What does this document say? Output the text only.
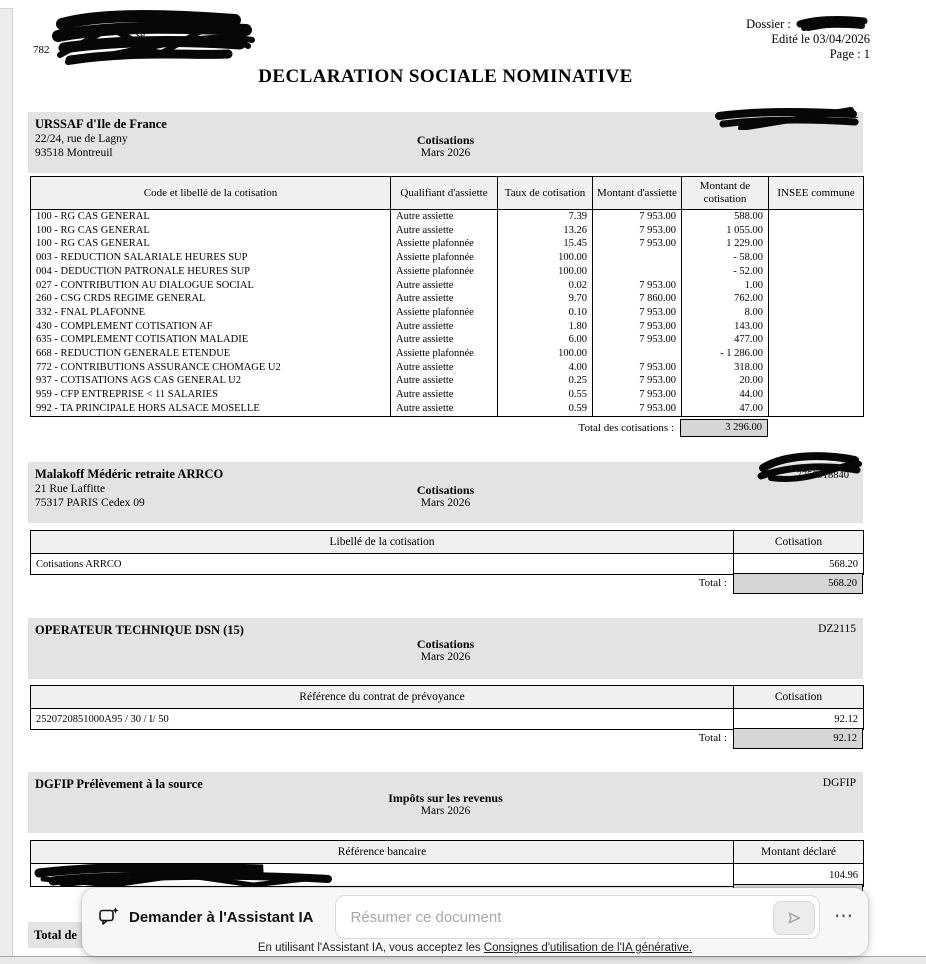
se
782
Dossier :
Edité le 03/04/2026
Page : 1
DECLARATION SOCIALE NOMINATIVE
URSSAF d'Ile de France
22/24, rue de Lagny
93518 Montreuil
Cotisations
Mars 2026
015
Code et libellé de la cotisation	Qualifiant d'assiette	Taux de cotisation	Montant d'assiette	Montant de cotisation	INSEE commune
100 - RG CAS GENERAL	Autre assiette	7.39	7 953.00	588.00	
100 - RG CAS GENERAL	Autre assiette	13.26	7 953.00	1 055.00	
100 - RG CAS GENERAL	Assiette plafonnée	15.45	7 953.00	1 229.00	
003 - REDUCTION SALARIALE HEURES SUP	Assiette plafonnée	100.00		- 58.00	
004 - DEDUCTION PATRONALE HEURES SUP	Assiette plafonnée	100.00		- 52.00	
027 - CONTRIBUTION AU DIALOGUE SOCIAL	Autre assiette	0.02	7 953.00	1.00	
260 - CSG CRDS REGIME GENERAL	Autre assiette	9.70	7 860.00	762.00	
332 - FNAL PLAFONNE	Assiette plafonnée	0.10	7 953.00	8.00	
430 - COMPLEMENT COTISATION AF	Autre assiette	1.80	7 953.00	143.00	
635 - COMPLEMENT COTISATION MALADIE	Autre assiette	6.00	7 953.00	477.00	
668 - REDUCTION GENERALE ETENDUE	Assiette plafonnée	100.00		- 1 286.00	
772 - CONTRIBUTIONS ASSURANCE CHOMAGE U2	Autre assiette	4.00	7 953.00	318.00	
937 - COTISATIONS AGS CAS GENERAL U2	Autre assiette	0.25	7 953.00	20.00	
959 - CFP ENTREPRISE < 11 SALARIES	Autre assiette	0.55	7 953.00	44.00	
992 - TA PRINCIPALE HORS ALSACE MOSELLE	Autre assiette	0.59	7 953.00	47.00	
Total des cotisations :	3 296.00
Malakoff Médéric retraite ARRCO
21 Rue Laffitte
75317 PARIS Cedex 09
Cotisations
Mars 2026
7756918840
Libellé de la cotisation	Cotisation
Cotisations ARRCO	568.20
Total :	568.20
OPERATEUR TECHNIQUE DSN (15)	DZ2115
Cotisations
Mars 2026
Référence du contrat de prévoyance	Cotisation
2520720851000A95 / 30 / I/ 50	92.12
Total :	92.12
DGFIP Prélèvement à la source	DGFIP
Impôts sur les revenus
Mars 2026
Référence bancaire	Montant déclaré

	104.96
Total de
Demander à l'Assistant IA
Résumer ce document	⋯
En utilisant l'Assistant IA, vous acceptez les Consignes d'utilisation de l'IA générative.
